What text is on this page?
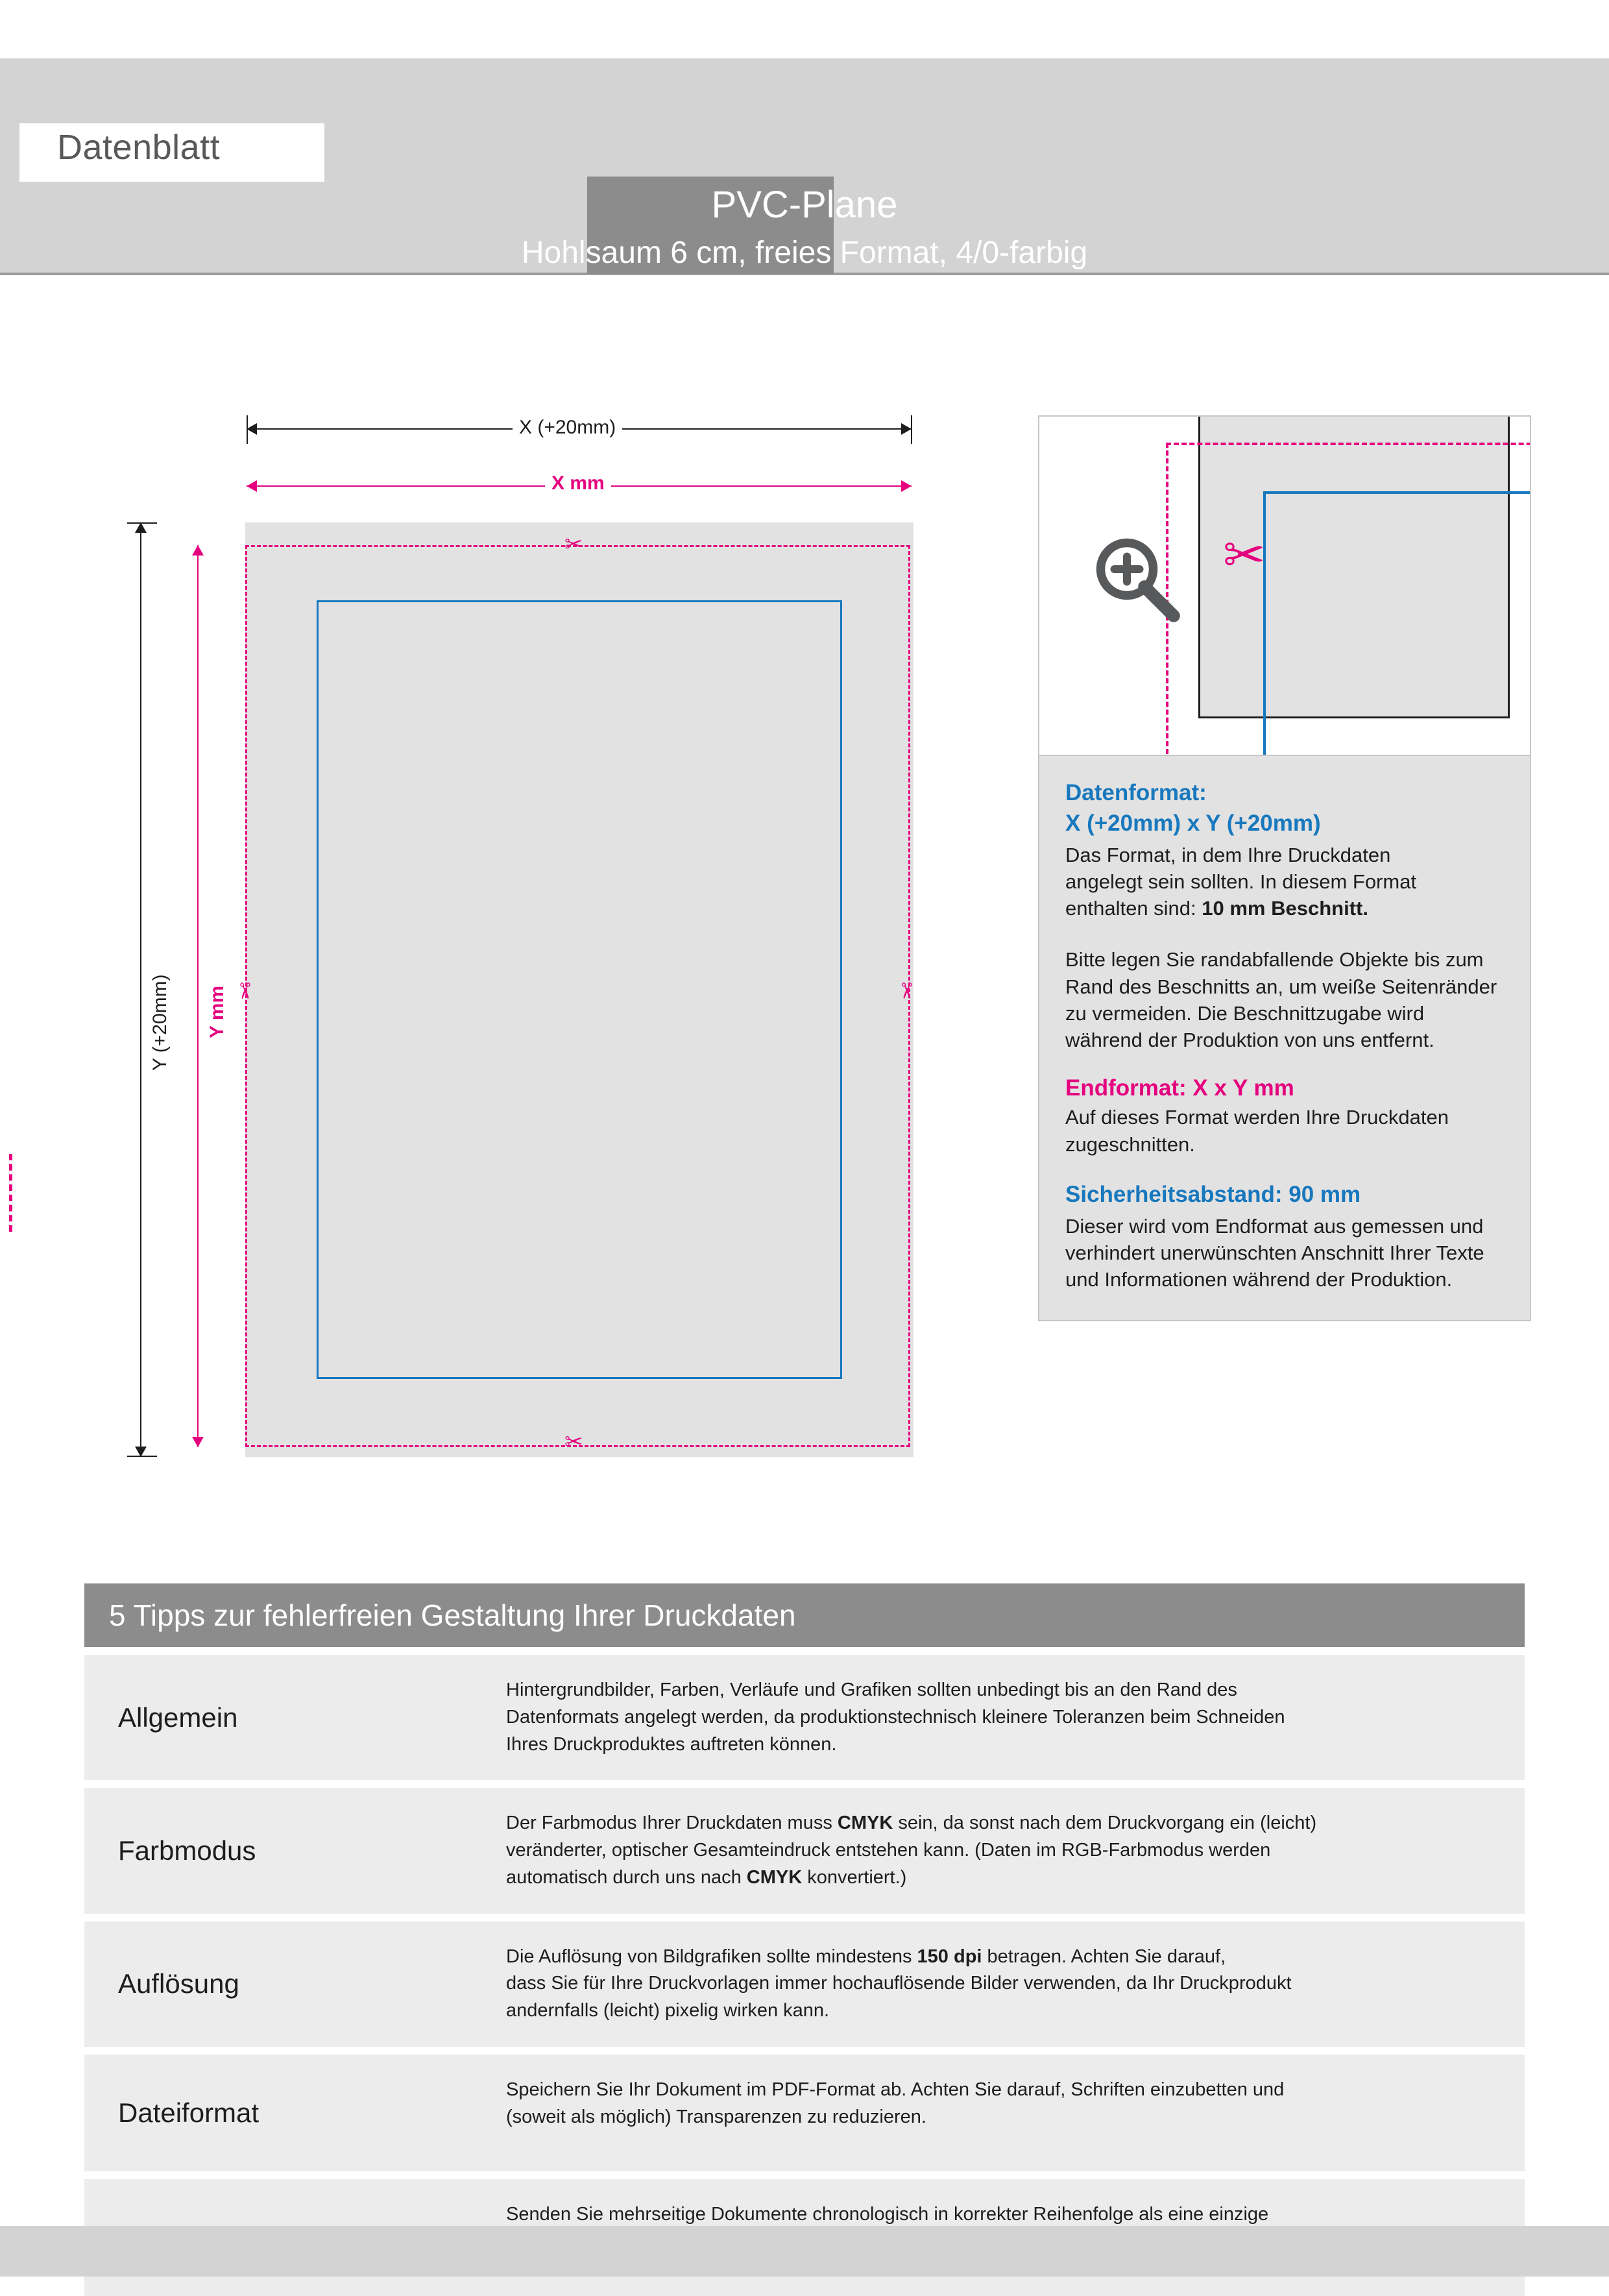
Datenblatt
PVC-Plane
Hohlsaum 6 cm, freies Format, 4/0-farbig
X (+20mm)
X mm
Y (+20mm) Y mm
✂
✂
✂	✂
✂
Datenformat:
X (+20mm) x Y (+20mm)
Das Format, in dem Ihre Druckdaten
angelegt sein sollten. In diesem Format
enthalten sind: 10 mm Beschnitt.
Bitte legen Sie randabfallende Objekte bis zum Rand des Beschnitts an, um weiße Seitenränder zu vermeiden. Die Beschnittzugabe wird während der Produktion von uns entfernt.
Endformat: X x Y mm
Auf dieses Format werden Ihre Druckdaten zugeschnitten.
Sicherheitsabstand: 90 mm
Dieser wird vom Endformat aus gemessen und verhindert unerwünschten Anschnitt Ihrer Texte und Informationen während der Produktion.
5 Tipps zur fehlerfreien Gestaltung Ihrer Druckdaten
Allgemein
Hintergrundbilder, Farben, Verläufe und Grafiken sollten unbedingt bis an den Rand des
Datenformats angelegt werden, da produktionstechnisch kleinere Toleranzen beim Schneiden
Ihres Druckproduktes auftreten können.
Farbmodus
Der Farbmodus Ihrer Druckdaten muss CMYK sein, da sonst nach dem Druckvorgang ein (leicht)
veränderter, optischer Gesamteindruck entstehen kann. (Daten im RGB-Farbmodus werden
automatisch durch uns nach CMYK konvertiert.)
Auflösung
Die Auflösung von Bildgrafiken sollte mindestens 150 dpi betragen. Achten Sie darauf,
dass Sie für Ihre Druckvorlagen immer hochauflösende Bilder verwenden, da Ihr Druckprodukt
andernfalls (leicht) pixelig wirken kann.
Dateiformat
Speichern Sie Ihr Dokument im PDF-Format ab. Achten Sie darauf, Schriften einzubetten und
(soweit als möglich) Transparenzen zu reduzieren.
Senden Sie mehrseitige Dokumente chronologisch in korrekter Reihenfolge als eine einzige
